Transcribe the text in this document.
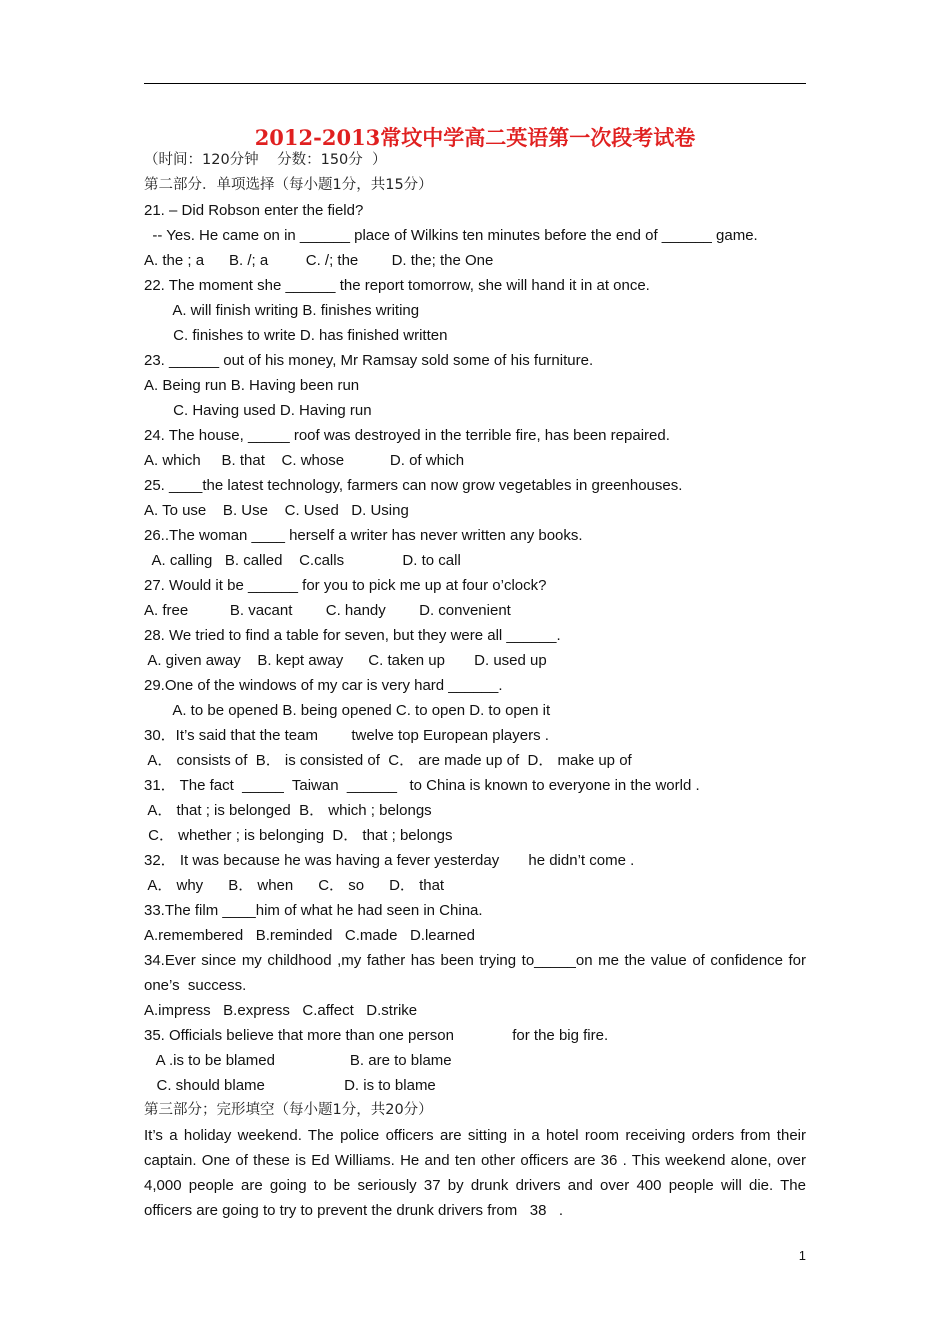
2012-2013常坟中学高二英语第一次段考试卷
（时间：120分钟    分数：150分  ）
第二部分．单项选择（每小题1分，共15分）
21. – Did Robson enter the field?
-- Yes. He came on in ______ place of Wilkins ten minutes before the end of ______ game.
A. the ; a      B. /; a         C. /; the        D. the; the One
22. The moment she ______ the report tomorrow, she will hand it in at once.
A. will finish writing B. finishes writing
C. finishes to write D. has finished written
23. ______ out of his money, Mr Ramsay sold some of his furniture.
A. Being run B. Having been run
C. Having used D. Having run
24. The house, _____ roof was destroyed in the terrible fire, has been repaired.
A. which     B. that    C. whose           D. of which
25. ____the latest technology, farmers can now grow vegetables in greenhouses.
A. To use    B. Use    C. Used   D. Using
26..The woman ____ herself a writer has never written any books.
A. calling   B. called    C.calls              D. to call
27. Would it be ______ for you to pick me up at four o’clock?
A. free          B. vacant        C. handy        D. convenient
28. We tried to find a table for seven, but they were all ______.
A. given away    B. kept away      C. taken up       D. used up
29.One of the windows of my car is very hard ______.
A. to be opened B. being opened C. to open D. to open it
30．It’s said that the team        twelve top European players .
A． consists of  B． is consisted of  C． are made up of  D． make up of
31． The fact  _____  Taiwan  ______   to China is known to everyone in the world .
A． that ; is belonged  B． which ; belongs
C． whether ; is belonging  D． that ; belongs
32． It was because he was having a fever yesterday       he didn’t come .
A． why      B． when      C． so      D． that
33.The film ____him of what he had seen in China.
A.remembered   B.reminded   C.made   D.learned
34.Ever since my childhood ,my father has been trying to_____on me the value of confidence for
one’s  success.
A.impress   B.express   C.affect   D.strike
35. Officials believe that more than one person              for the big fire.
A .is to be blamed                  B. are to blame
C. should blame                   D. is to blame
第三部分；完形填空（每小题1分，共20分）
It’s a holiday weekend. The police officers are sitting in a hotel room receiving orders from their
captain. One of these is Ed Williams. He and ten other officers are 36 . This weekend alone, over
4,000 people are going to be seriously 37 by drunk drivers and over 400 people will die. The
officers are going to try to prevent the drunk drivers from   38   .
1
